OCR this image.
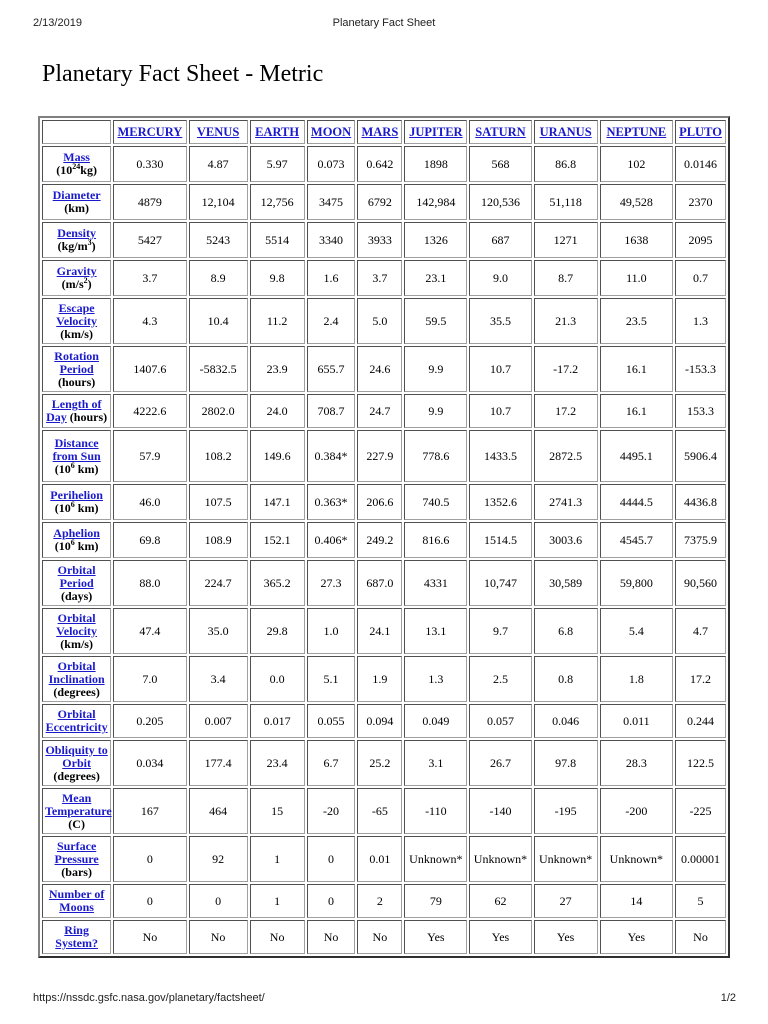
2/13/2019	Planetary Fact Sheet
Planetary Fact Sheet - Metric
	MERCURY	VENUS	EARTH	MOON	MARS	JUPITER	SATURN	URANUS	NEPTUNE	PLUTO
Mass
$(10^{24}kg)$	0.330	4.87	5.97	0.073	0.642	1898	568	86.8	102	0.0146
Diameter
(km)	4879	12,104	12,756	3475	6792	142,984	120,536	51,118	49,528	2370
Density
$(kg/m^3)$	5427	5243	5514	3340	3933	1326	687	1271	1638	2095
Gravity
$(m/s^2)$	3.7	8.9	9.8	1.6	3.7	23.1	9.0	8.7	11.0	0.7
Escape Velocity
(km/s)	4.3	10.4	11.2	2.4	5.0	59.5	35.5	21.3	23.5	1.3
Rotation Period
(hours)	1407.6	-5832.5	23.9	655.7	24.6	9.9	10.7	-17.2	16.1	-153.3
Length of Day (hours)	4222.6	2802.0	24.0	708.7	24.7	9.9	10.7	17.2	16.1	153.3
Distance from Sun
($10^6$ km)	57.9	108.2	149.6	0.384*	227.9	778.6	1433.5	2872.5	4495.1	5906.4
Perihelion
($10^6$ km)	46.0	107.5	147.1	0.363*	206.6	740.5	1352.6	2741.3	4444.5	4436.8
Aphelion
($10^6$ km)	69.8	108.9	152.1	0.406*	249.2	816.6	1514.5	3003.6	4545.7	7375.9
Orbital Period
(days)	88.0	224.7	365.2	27.3	687.0	4331	10,747	30,589	59,800	90,560
Orbital Velocity
(km/s)	47.4	35.0	29.8	1.0	24.1	13.1	9.7	6.8	5.4	4.7
Orbital Inclination
(degrees)	7.0	3.4	0.0	5.1	1.9	1.3	2.5	0.8	1.8	17.2
Orbital Eccentricity	0.205	0.007	0.017	0.055	0.094	0.049	0.057	0.046	0.011	0.244
Obliquity to Orbit
(degrees)	0.034	177.4	23.4	6.7	25.2	3.1	26.7	97.8	28.3	122.5
Mean Temperature
(C)	167	464	15	-20	-65	-110	-140	-195	-200	-225
Surface Pressure
(bars)	0	92	1	0	0.01	Unknown*	Unknown*	Unknown*	Unknown*	0.00001
Number of Moons	0	0	1	0	2	79	62	27	14	5
Ring System?	No	No	No	No	No	Yes	Yes	Yes	Yes	No
https://nssdc.gsfc.nasa.gov/planetary/factsheet/	1/2
